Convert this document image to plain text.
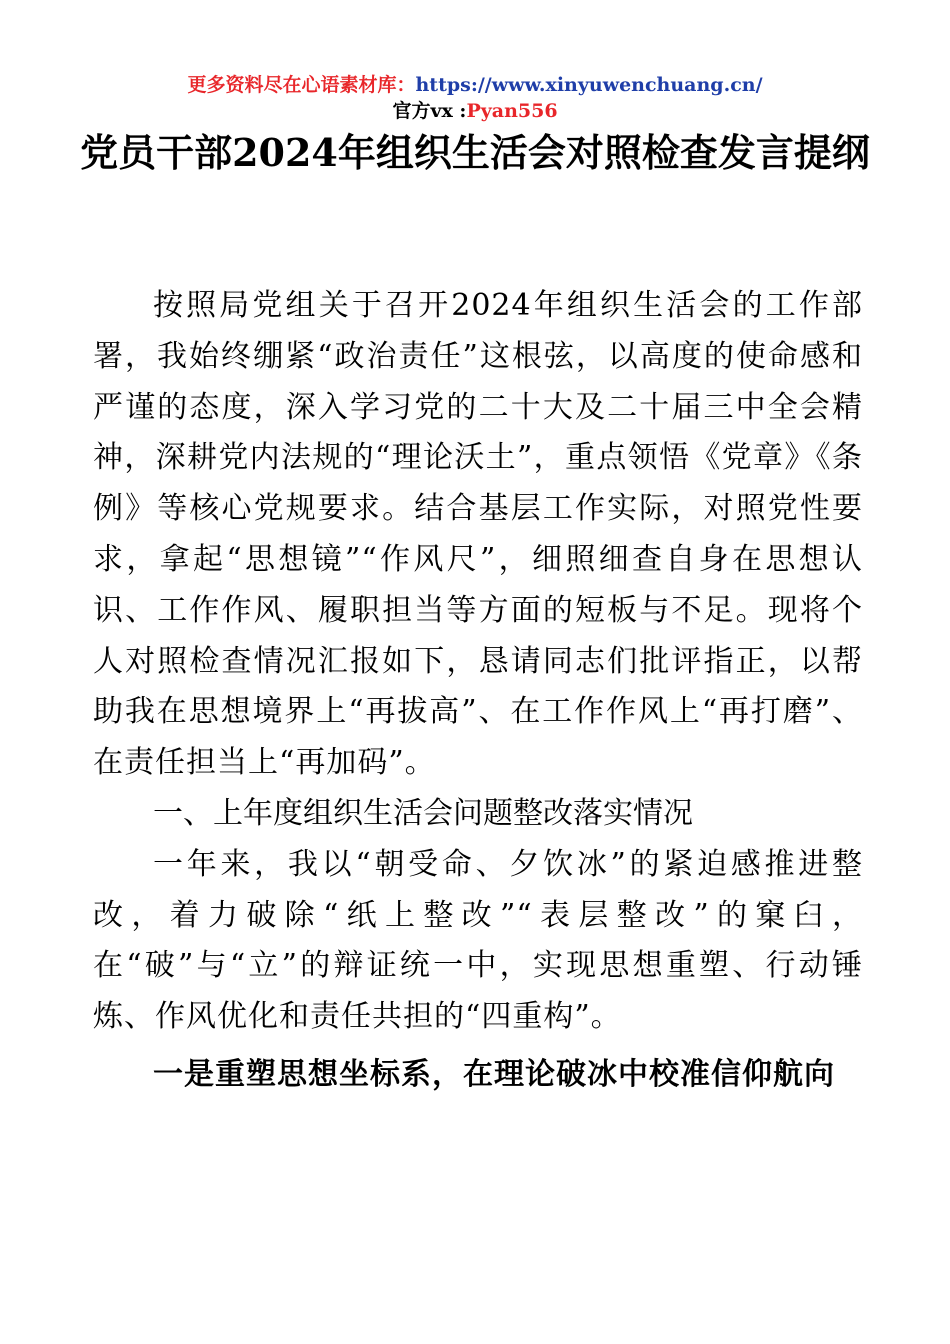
更多资料尽在心语素材库：https://www.xinyuwenchuang.cn/
官方vx :Pyan556
党员干部2024年组织生活会对照检查发言提纲

按照局党组关于召开2024年组织生活会的工作部署，我始终绷紧“政治责任”这根弦，以高度的使命感和严谨的态度，深入学习党的二十大及二十届三中全会精神，深耕党内法规的“理论沃土”，重点领悟《党章》《条例》等核心党规要求。结合基层工作实际，对照党性要求，拿起“思想镜”“作风尺”，细照细查自身在思想认识、工作作风、履职担当等方面的短板与不足。现将个人对照检查情况汇报如下，恳请同志们批评指正，以帮助我在思想境界上“再拔高”、在工作作风上“再打磨”、在责任担当上“再加码”。

一、上年度组织生活会问题整改落实情况

一年来，我以“朝受命、夕饮冰”的紧迫感推进整改，着力破除“纸上整改”“表层整改”的窠臼，在“破”与“立”的辩证统一中，实现思想重塑、行动锤炼、作风优化和责任共担的“四重构”。

一是重塑思想坐标系，在理论破冰中校准信仰航向
